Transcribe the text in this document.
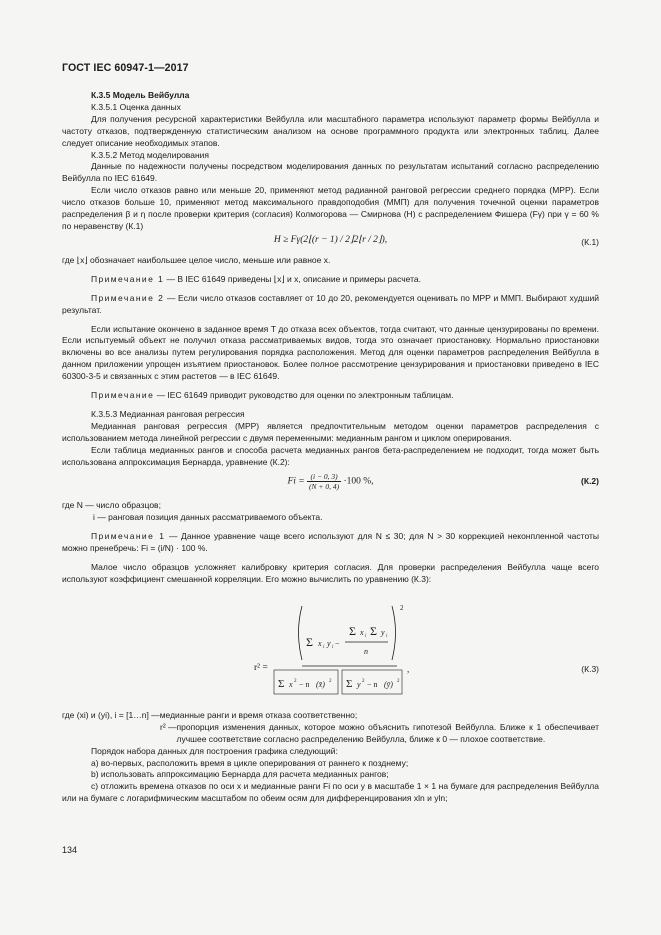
ГОСТ IEC 60947-1—2017

К.3.5 Модель Вейбулла

К.3.5.1 Оценка данных

Для получения ресурсной характеристики Вейбулла или масштабного параметра используют параметр формы Вейбулла и частоту отказов, подтвержденную статистическим анализом на основе программного продукта или электронных таблиц. Далее следует описание необходимых этапов.

К.3.5.2 Метод моделирования

Данные по надежности получены посредством моделирования данных по результатам испытаний согласно распределению Вейбулла по IEC 61649.

Если число отказов равно или меньше 20, применяют метод радианной ранговой регрессии среднего порядка (МРР). Если число отказов больше 10, применяют метод максимального правдоподобия (ММП) для получения точечной оценки параметров распределения β и η после проверки критерия (согласия) Колмогорова — Смирнова (H) с распределением Фишера (Fγ) при γ = 60 % по неравенству (К.1)

H ≥ Fγ(2⌊(r − 1) / 2⌋2⌊r / 2⌋),	(К.1)

где ⌊x⌋ обозначает наибольшее целое число, меньше или равное x.

Примечание 1 — В IEC 61649 приведены ⌊x⌋ и x, описание и примеры расчета.

Примечание 2 — Если число отказов составляет от 10 до 20, рекомендуется оценивать по МРР и ММП. Выбирают худший результат.

Если испытание окончено в заданное время T до отказа всех объектов, тогда считают, что данные цензурированы по времени. Если испытуемый объект не получил отказа рассматриваемых видов, тогда это означает приостановку. Нормально приостановки включены во все анализы путем регулирования порядка расположения. Метод для оценки параметров распределения Вейбулла в данном приложении упрощен изъятием приостановок. Более полное рассмотрение цензурирования и приостановки приведено в IEC 60300-3-5 и связанных с этим растетов — в IEC 61649.

Примечание — IEC 61649 приводит руководство для оценки по электронным таблицам.

К.3.5.3 Медианная ранговая регрессия

Медианная ранговая регрессия (МРР) является предпочтительным методом оценки параметров распределения с использованием метода линейной регрессии с двумя переменными: медианным рангом и циклом оперирования.

Если таблица медианных рангов и способа расчета медианных рангов бета-распределением не подходит, тогда может быть использована аппроксимация Бернарда, уравнение (К.2):

$Fi = \frac{(i - 0, 3)}{(N + 0, 4)} \cdot 100$ %,	(К.2)

где N — число образцов;

i — ранговая позиция данных рассматриваемого объекта.

Примечание 1 — Данное уравнение чаще всего используют для N ≤ 30; для N > 30 коррекцией неконпленной частоты можно пренебречь: Fi = (i/N) · 100 %.

Малое число образцов усложняет калибровку критерия согласия. Для проверки распределения Вейбулла чаще всего используют коэффициент смешанной корреляции. Его можно вычислить по уравнению (К.3):

2
Σ x i y i −
Σ x i Σ y i
n
r² =
Σ x 2 − n (x̄) 2 Σ y 2 − n (ȳ) 2
,	(К.3)
где (xi) и (yi), i = [1…n] — медианные ранги и время отказа соответственно;
r² — пропорция изменения данных, которое можно объяснить гипотезой Вейбулла. Ближе к 1 обеспечивает лучшее соответствие согласно распределению Вейбулла, ближе к 0 — плохое соответствие.

Порядок набора данных для построения графика следующий:

a) во-первых, расположить время в цикле оперирования от раннего к позднему;

b) использовать аппроксимацию Бернарда для расчета медианных рангов;

c) отложить времена отказов по оси x и медианные ранги Fi по оси y в масштабе 1 × 1 на бумаге для распределения Вейбулла или на бумаге с логарифмическим масштабом по обеим осям для дифференцирования xln и yln;

134
